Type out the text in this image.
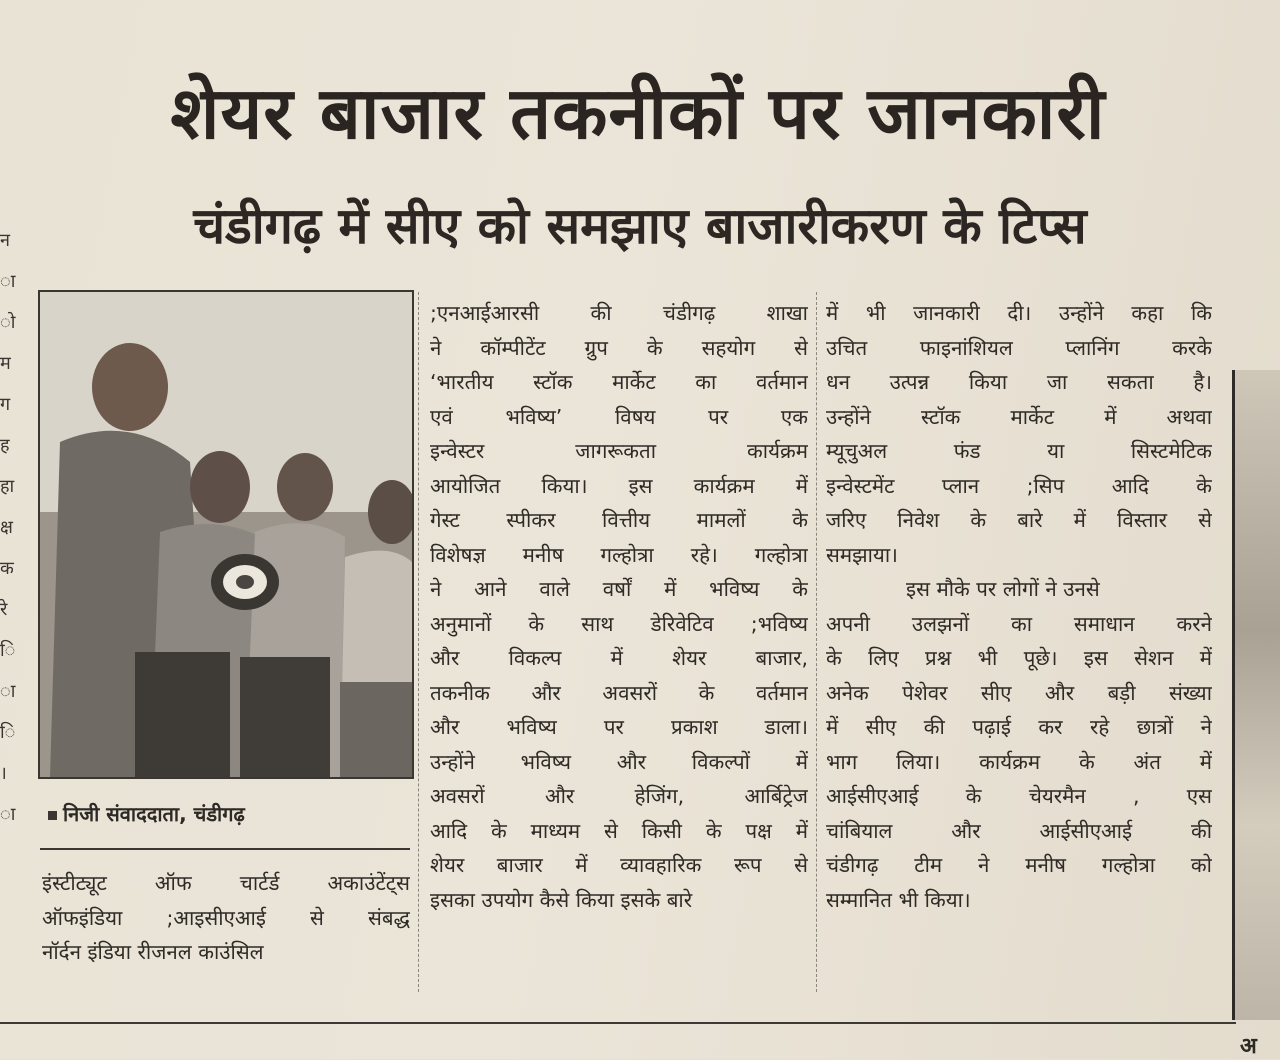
न
ा
ो
म
ग
ह
हा
क्ष
क
रे
ि
ा
ि
।
ा
शेयर बाजार तकनीकों पर जानकारी
चंडीगढ़ में सीए को समझाए बाजारीकरण के टिप्स
निजी संवाददाता, चंडीगढ़
;एनआईआरसी की चंडीगढ़ शाखा
ने कॉम्पीटेंट ग्रुप के सहयोग से
‘भारतीय स्टॉक मार्केट का वर्तमान
एवं भविष्य’ विषय पर एक
इन्वेस्टर जागरूकता कार्यक्रम
आयोजित किया। इस कार्यक्रम में
गेस्ट स्पीकर वित्तीय मामलों के
विशेषज्ञ मनीष गल्होत्रा रहे। गल्होत्रा
ने आने वाले वर्षों में भविष्य के
अनुमानों के साथ डेरिवेटिव ;भविष्य
और विकल्प में शेयर बाजार,
तकनीक और अवसरों के वर्तमान
और भविष्य पर प्रकाश डाला।
उन्होंने भविष्य और विकल्पों में
अवसरों और हेजिंग, आर्बिट्रेज
आदि के माध्यम से किसी के पक्ष में
शेयर बाजार में व्यावहारिक रूप से
इसका उपयोग कैसे किया इसके बारे
में भी जानकारी दी। उन्होंने कहा कि
उचित फाइनांशियल प्लानिंग करके
धन उत्पन्न किया जा सकता है।
उन्होंने स्टॉक मार्केट में अथवा
म्यूचुअल फंड या सिस्टमेटिक
इन्वेस्टमेंट प्लान ;सिप आदि के
जरिए निवेश के बारे में विस्तार से
समझाया।
इस मौके पर लोगों ने उनसे
अपनी उलझनों का समाधान करने
के लिए प्रश्न भी पूछे। इस सेशन में
अनेक पेशेवर सीए और बड़ी संख्या
में सीए की पढ़ाई कर रहे छात्रों ने
भाग लिया। कार्यक्रम के अंत में
आईसीएआई के चेयरमैन , एस
चांबियाल और आईसीएआई की
चंडीगढ़ टीम ने मनीष गल्होत्रा को
सम्मानित भी किया।
इंस्टीट्यूट ऑफ चार्टर्ड अकाउंटेंट्स
ऑफइंडिया ;आइसीएआई से संबद्ध
नॉर्दन इंडिया रीजनल काउंसिल
अ
